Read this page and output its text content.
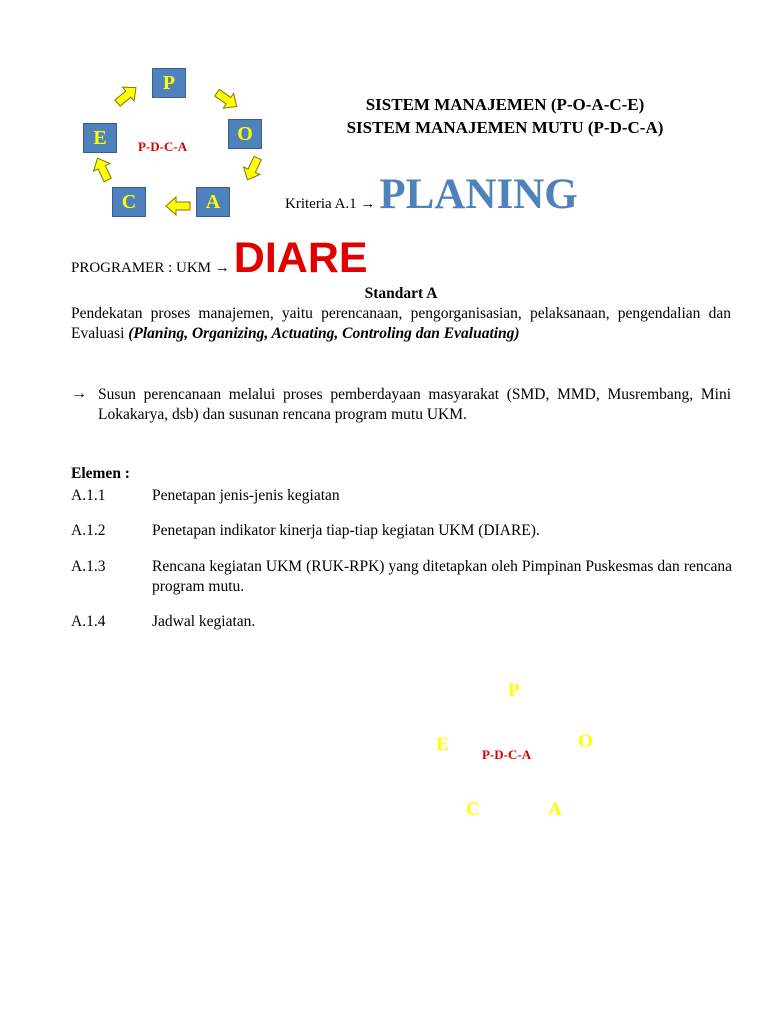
P
O
A
C
E	P-D-C-A
SISTEM MANAJEMEN (P-O-A-C-E)
SISTEM MANAJEMEN MUTU (P-D-C-A)
Kriteria A.1 → PLANING
PROGRAMER : UKM → DIARE
Standart A
Pendekatan proses manajemen, yaitu perencanaan, pengorganisasian, pelaksanaan, pengendalian dan Evaluasi (Planing, Organizing, Actuating, Controling dan Evaluating)
→ Susun perencanaan melalui proses pemberdayaan masyarakat (SMD, MMD, Musrembang, Mini Lokakarya, dsb) dan susunan rencana program mutu UKM.
Elemen :
A.1.1	Penetapan jenis-jenis kegiatan
A.1.2	Penetapan indikator kinerja tiap-tiap kegiatan UKM (DIARE).
A.1.3	Rencana kegiatan UKM (RUK-RPK) yang ditetapkan oleh Pimpinan Puskesmas dan rencana program mutu.
A.1.4	Jadwal kegiatan.
P
O
E
C	A
P-D-C-A
